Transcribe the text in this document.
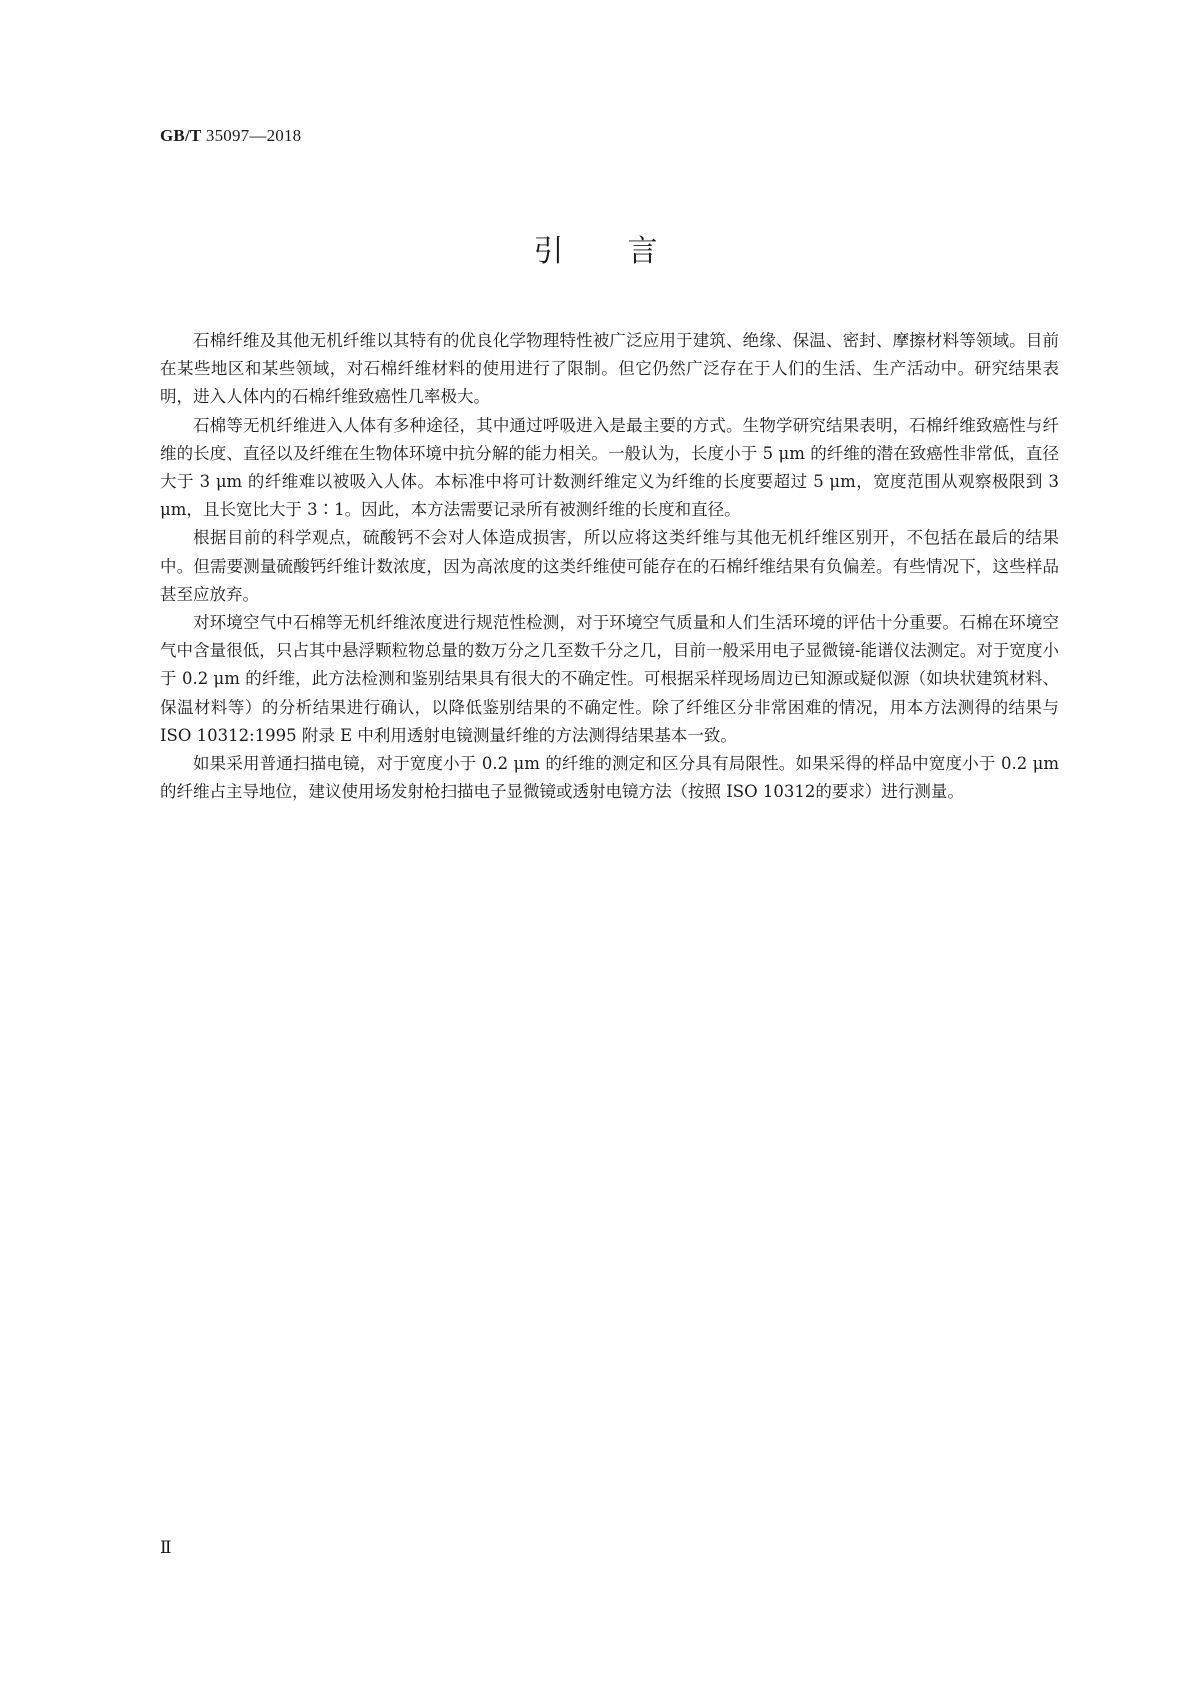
GB/T 35097—2018
引言

石棉纤维及其他无机纤维以其特有的优良化学物理特性被广泛应用于建筑、绝缘、保温、密封、摩擦材料等领域。目前在某些地区和某些领域，对石棉纤维材料的使用进行了限制。但它仍然广泛存在于人们的生活、生产活动中。研究结果表明，进入人体内的石棉纤维致癌性几率极大。

石棉等无机纤维进入人体有多种途径，其中通过呼吸进入是最主要的方式。生物学研究结果表明，石棉纤维致癌性与纤维的长度、直径以及纤维在生物体环境中抗分解的能力相关。一般认为，长度小于 5 μm 的纤维的潜在致癌性非常低，直径大于 3 μm 的纤维难以被吸入人体。本标准中将可计数测纤维定义为纤维的长度要超过 5 μm，宽度范围从观察极限到 3 μm，且长宽比大于 3∶1。因此，本方法需要记录所有被测纤维的长度和直径。

根据目前的科学观点，硫酸钙不会对人体造成损害，所以应将这类纤维与其他无机纤维区别开，不包括在最后的结果中。但需要测量硫酸钙纤维计数浓度，因为高浓度的这类纤维使可能存在的石棉纤维结果有负偏差。有些情况下，这些样品甚至应放弃。

对环境空气中石棉等无机纤维浓度进行规范性检测，对于环境空气质量和人们生活环境的评估十分重要。石棉在环境空气中含量很低，只占其中悬浮颗粒物总量的数万分之几至数千分之几，目前一般采用电子显微镜-能谱仪法测定。对于宽度小于 0.2 μm 的纤维，此方法检测和鉴别结果具有很大的不确定性。可根据采样现场周边已知源或疑似源（如块状建筑材料、保温材料等）的分析结果进行确认，以降低鉴别结果的不确定性。除了纤维区分非常困难的情况，用本方法测得的结果与 ISO 10312:1995 附录 E 中利用透射电镜测量纤维的方法测得结果基本一致。

如果采用普通扫描电镜，对于宽度小于 0.2 μm 的纤维的测定和区分具有局限性。如果采得的样品中宽度小于 0.2 μm 的纤维占主导地位，建议使用场发射枪扫描电子显微镜或透射电镜方法（按照 ISO 10312的要求）进行测量。

Ⅱ
